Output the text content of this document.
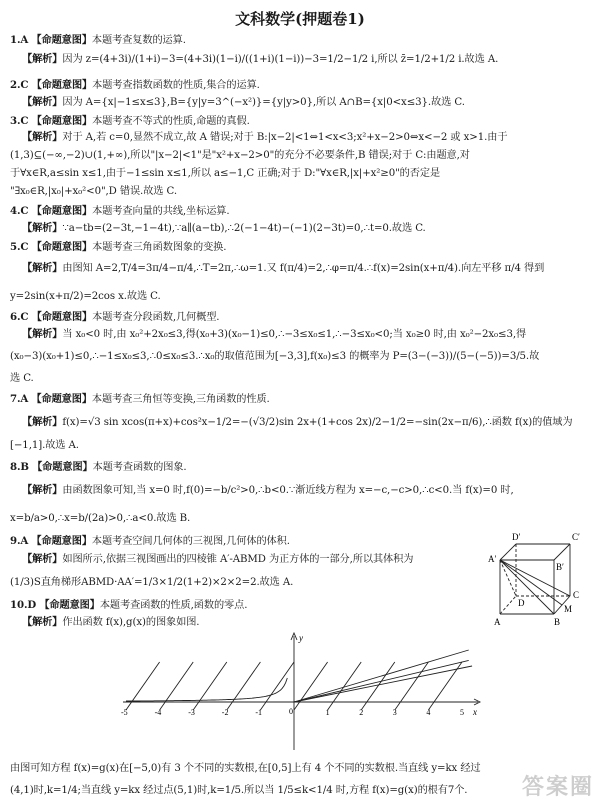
文科数学(押题卷1)
1.A 【命题意图】本题考查复数的运算.
【解析】因为 z=(4+3i)/(1+i)−3=(4+3i)(1−i)/((1+i)(1−i))−3=1/2−1/2 i,所以 z̄=1/2+1/2 i.故选 A.
2.C 【命题意图】本题考查指数函数的性质,集合的运算.
【解析】因为 A={x|−1≤x≤3},B={y|y=3^(−x²)}={y|y>0},所以 A∩B={x|0<x≤3}.故选 C.
3.C 【命题意图】本题考查不等式的性质,命题的真假.
【解析】对于 A,若 c=0,显然不成立,故 A 错误;对于 B:|x−2|<1⇔1<x<3;x²+x−2>0⇔x<−2 或 x>1.由于
(1,3)⊆(−∞,−2)∪(1,+∞),所以"|x−2|<1"是"x²+x−2>0"的充分不必要条件,B 错误;对于 C:由题意,对
于∀x∈R,a≤sin x≤1,由于−1≤sin x≤1,所以 a≤−1,C 正确;对于 D:"∀x∈R,|x|+x²≥0"的否定是
"∃x₀∈R,|x₀|+x₀²<0",D 错误.故选 C.
4.C 【命题意图】本题考查向量的共线,坐标运算.
【解析】∵a−tb=(2−3t,−1−4t),∵a∥(a−tb),∴2(−1−4t)−(−1)(2−3t)=0,∴t=0.故选 C.
5.C 【命题意图】本题考查三角函数图象的变换.
【解析】由图知 A=2,T/4=3π/4−π/4,∴T=2π,∴ω=1.又 f(π/4)=2,∴φ=π/4.∴f(x)=2sin(x+π/4).向左平移 π/4 得到
y=2sin(x+π/2)=2cos x.故选 C.
6.C 【命题意图】本题考查分段函数,几何概型.
【解析】当 x₀<0 时,由 x₀²+2x₀≤3,得(x₀+3)(x₀−1)≤0,∴−3≤x₀≤1,∴−3≤x₀<0;当 x₀≥0 时,由 x₀²−2x₀≤3,得
(x₀−3)(x₀+1)≤0,∴−1≤x₀≤3,∴0≤x₀≤3.∴x₀的取值范围为[−3,3],f(x₀)≤3 的概率为 P=(3−(−3))/(5−(−5))=3/5.故
选 C.
7.A 【命题意图】本题考查三角恒等变换,三角函数的性质.
【解析】f(x)=√3 sin xcos(π+x)+cos²x−1/2=−(√3/2)sin 2x+(1+cos 2x)/2−1/2=−sin(2x−π/6),∴函数 f(x)的值域为
[−1,1].故选 A.
8.B 【命题意图】本题考查函数的图象.
【解析】由函数图象可知,当 x=0 时,f(0)=−b/c²>0,∴b<0.∵渐近线方程为 x=−c,−c>0,∴c<0.当 f(x)=0 时,
x=b/a>0,∴x=b/(2a)>0,∴a<0.故选 B.
9.A 【命题意图】本题考查空间几何体的三视图,几何体的体积.
【解析】如图所示,依据三视图画出的四棱锥 A′-ABMD 为正方体的一部分,所以其体积为
(1/3)S直角梯形ABMD·AA′=1/3×1/2(1+2)×2×2=2.故选 A.
10.D 【命题意图】本题考查函数的性质,函数的零点.
【解析】作出函数 f(x),g(x)的图象如图.
由图可知方程 f(x)=g(x)在[−5,0)有 3 个不同的实数根,在[0,5]上有 4 个不同的实数根.当直线 y=kx 经过
(4,1)时,k=1/4;当直线 y=kx 经过点(5,1)时,k=1/5.所以当 1/5≤k<1/4 时,方程 f(x)=g(x)的根有7个.
D′	C′
A′
B′
D
C
M
A	B
y
x
0
-5	-4	-3	-2	-1	1	2	3	4	5
答案圈
